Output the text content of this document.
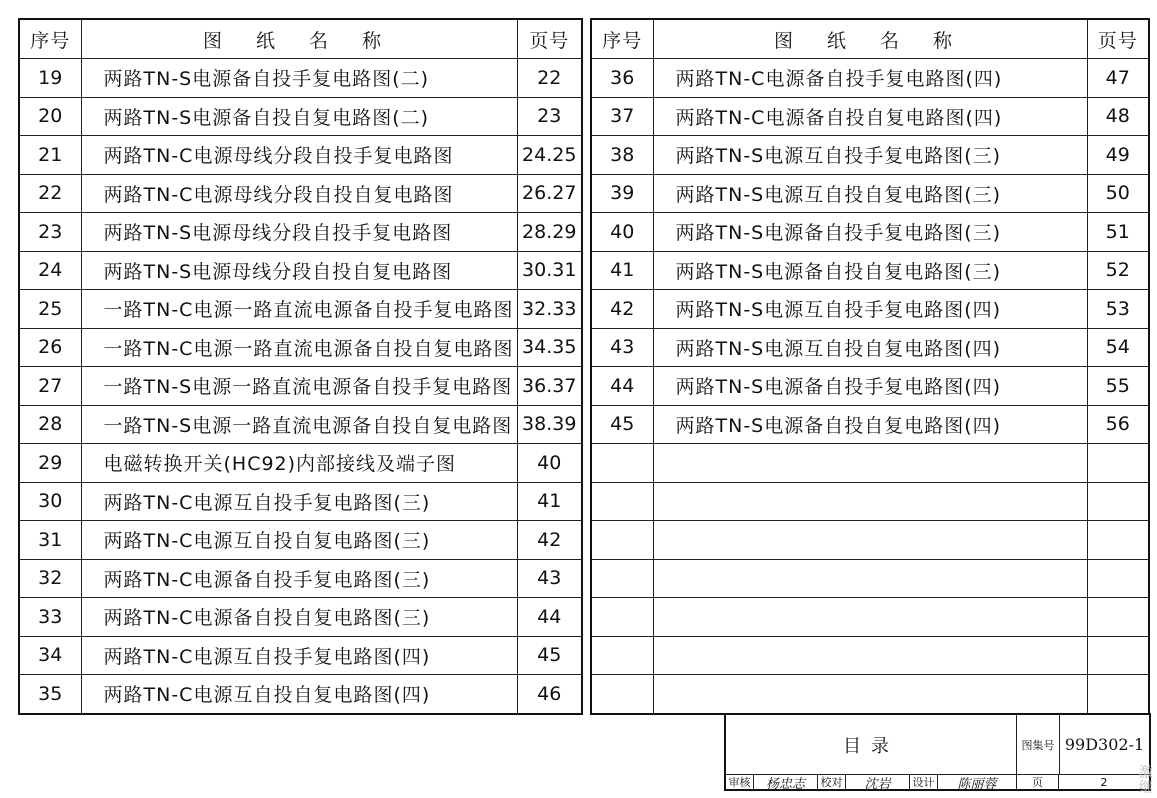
序号	图 纸 名 称	页号
19	两路TN-S电源备自投手复电路图(二)	22
20	两路TN-S电源备自投自复电路图(二)	23
21	两路TN-C电源母线分段自投手复电路图	24.25
22	两路TN-C电源母线分段自投自复电路图	26.27
23	两路TN-S电源母线分段自投手复电路图	28.29
24	两路TN-S电源母线分段自投自复电路图	30.31
25	一路TN-C电源一路直流电源备自投手复电路图	32.33
26	一路TN-C电源一路直流电源备自投自复电路图	34.35
27	一路TN-S电源一路直流电源备自投手复电路图	36.37
28	一路TN-S电源一路直流电源备自投自复电路图	38.39
29	电磁转换开关(HC92)内部接线及端子图	40
30	两路TN-C电源互自投手复电路图(三)	41
31	两路TN-C电源互自投自复电路图(三)	42
32	两路TN-C电源备自投手复电路图(三)	43
33	两路TN-C电源备自投自复电路图(三)	44
34	两路TN-C电源互自投手复电路图(四)	45
35	两路TN-C电源互自投自复电路图(四)	46
序号	图 纸 名 称	页号
36	两路TN-C电源备自投手复电路图(四)	47
37	两路TN-C电源备自投自复电路图(四)	48
38	两路TN-S电源互自投手复电路图(三)	49
39	两路TN-S电源互自投自复电路图(三)	50
40	两路TN-S电源备自投手复电路图(三)	51
41	两路TN-S电源备自投自复电路图(三)	52
42	两路TN-S电源互自投手复电路图(四)	53
43	两路TN-S电源互自投自复电路图(四)	54
44	两路TN-S电源备自投手复电路图(四)	55
45	两路TN-S电源备自投自复电路图(四)	56

目录	图集号 99D302-1
审核	杨忠志	校对	沈岩	设计	陈丽蓉	页	2
激
继
